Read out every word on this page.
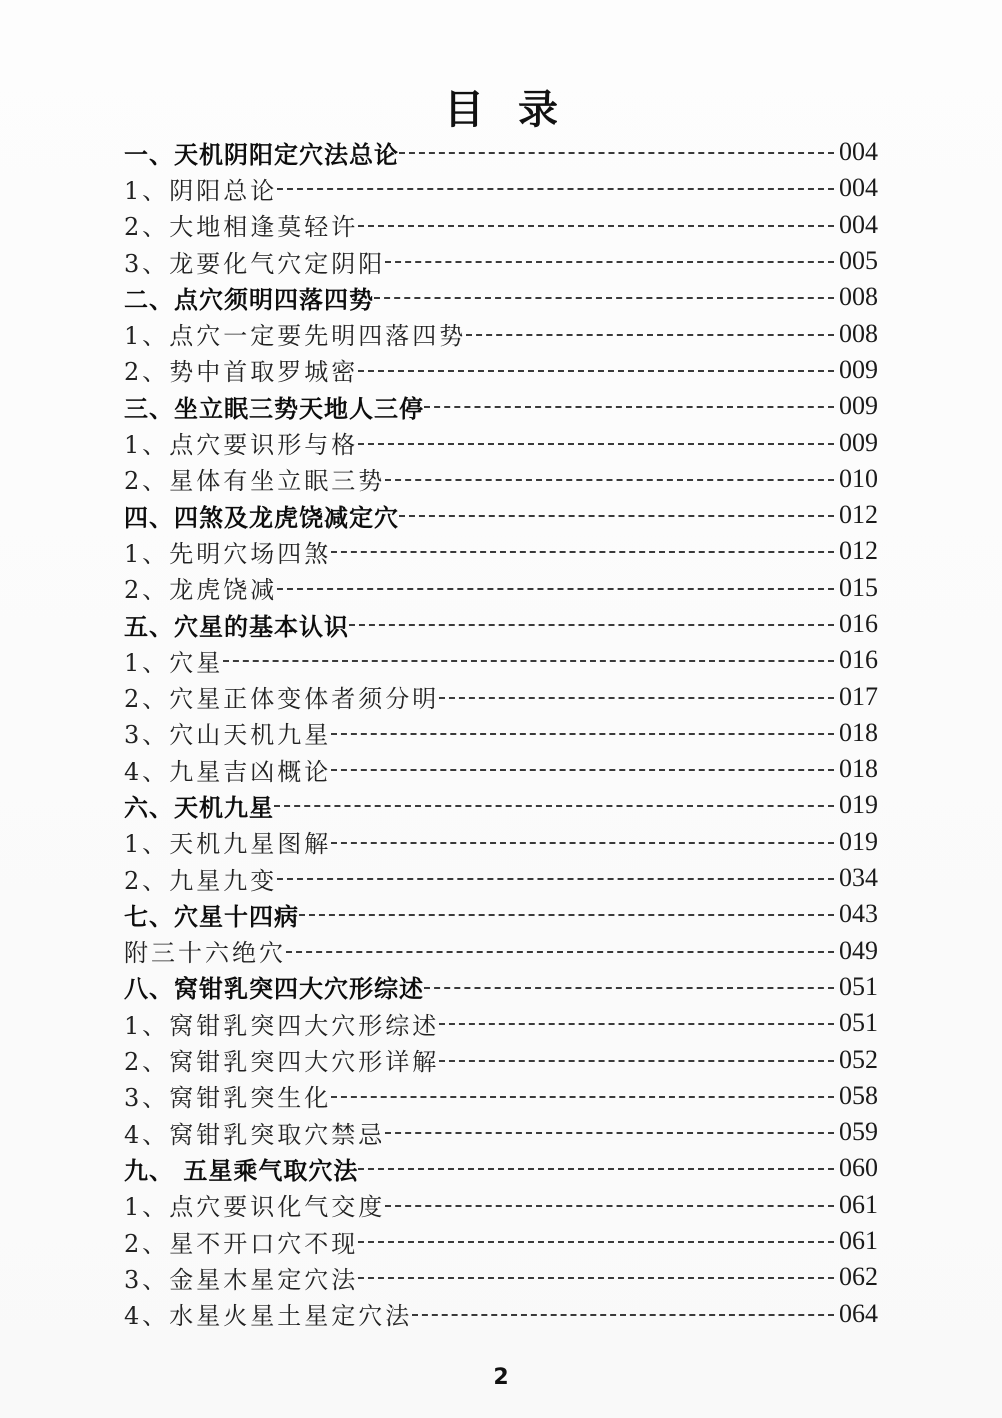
目录
一、天机阴阳定穴法总论	004
1、阴阳总论	004
2、大地相逢莫轻许	004
3、龙要化气穴定阴阳	005
二、点穴须明四落四势	008
1、点穴一定要先明四落四势	008
2、势中首取罗城密	009
三、坐立眠三势天地人三停	009
1、点穴要识形与格	009
2、星体有坐立眠三势	010
四、四煞及龙虎饶减定穴	012
1、先明穴场四煞	012
2、龙虎饶减	015
五、穴星的基本认识	016
1、穴星	016
2、穴星正体变体者须分明	017
3、穴山天机九星	018
4、九星吉凶概论	018
六、天机九星	019
1、天机九星图解	019
2、九星九变	034
七、穴星十四病	043
附三十六绝穴	049
八、窝钳乳突四大穴形综述	051
1、窝钳乳突四大穴形综述	051
2、窝钳乳突四大穴形详解	052
3、窝钳乳突生化	058
4、窝钳乳突取穴禁忌	059
九、 五星乘气取穴法	060
1、点穴要识化气交度	061
2、星不开口穴不现	061
3、金星木星定穴法	062
4、水星火星土星定穴法	064
2
